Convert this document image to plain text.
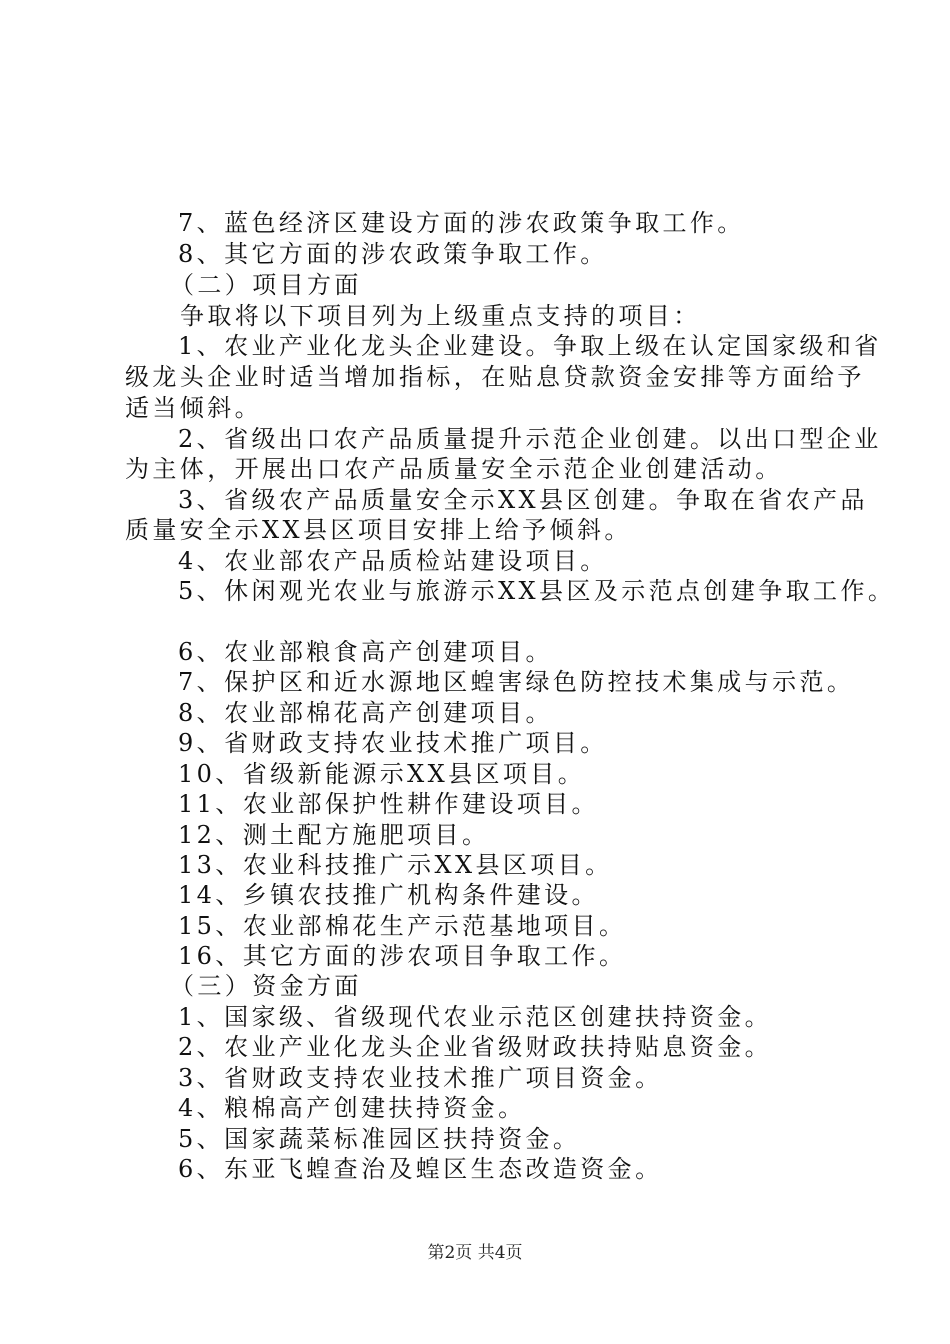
7、蓝色经济区建设方面的涉农政策争取工作。
8、其它方面的涉农政策争取工作。
（二）项目方面
争取将以下项目列为上级重点支持的项目：
1、农业产业化龙头企业建设。争取上级在认定国家级和省
级龙头企业时适当增加指标，在贴息贷款资金安排等方面给予
适当倾斜。
2、省级出口农产品质量提升示范企业创建。以出口型企业
为主体，开展出口农产品质量安全示范企业创建活动。
3、省级农产品质量安全示XX县区创建。争取在省农产品
质量安全示XX县区项目安排上给予倾斜。
4、农业部农产品质检站建设项目。
5、休闲观光农业与旅游示XX县区及示范点创建争取工作。
6、农业部粮食高产创建项目。
7、保护区和近水源地区蝗害绿色防控技术集成与示范。
8、农业部棉花高产创建项目。
9、省财政支持农业技术推广项目。
10、省级新能源示XX县区项目。
11、农业部保护性耕作建设项目。
12、测土配方施肥项目。
13、农业科技推广示XX县区项目。
14、乡镇农技推广机构条件建设。
15、农业部棉花生产示范基地项目。
16、其它方面的涉农项目争取工作。
（三）资金方面
1、国家级、省级现代农业示范区创建扶持资金。
2、农业产业化龙头企业省级财政扶持贴息资金。
3、省财政支持农业技术推广项目资金。
4、粮棉高产创建扶持资金。
5、国家蔬菜标准园区扶持资金。
6、东亚飞蝗查治及蝗区生态改造资金。
第2页 共4页
